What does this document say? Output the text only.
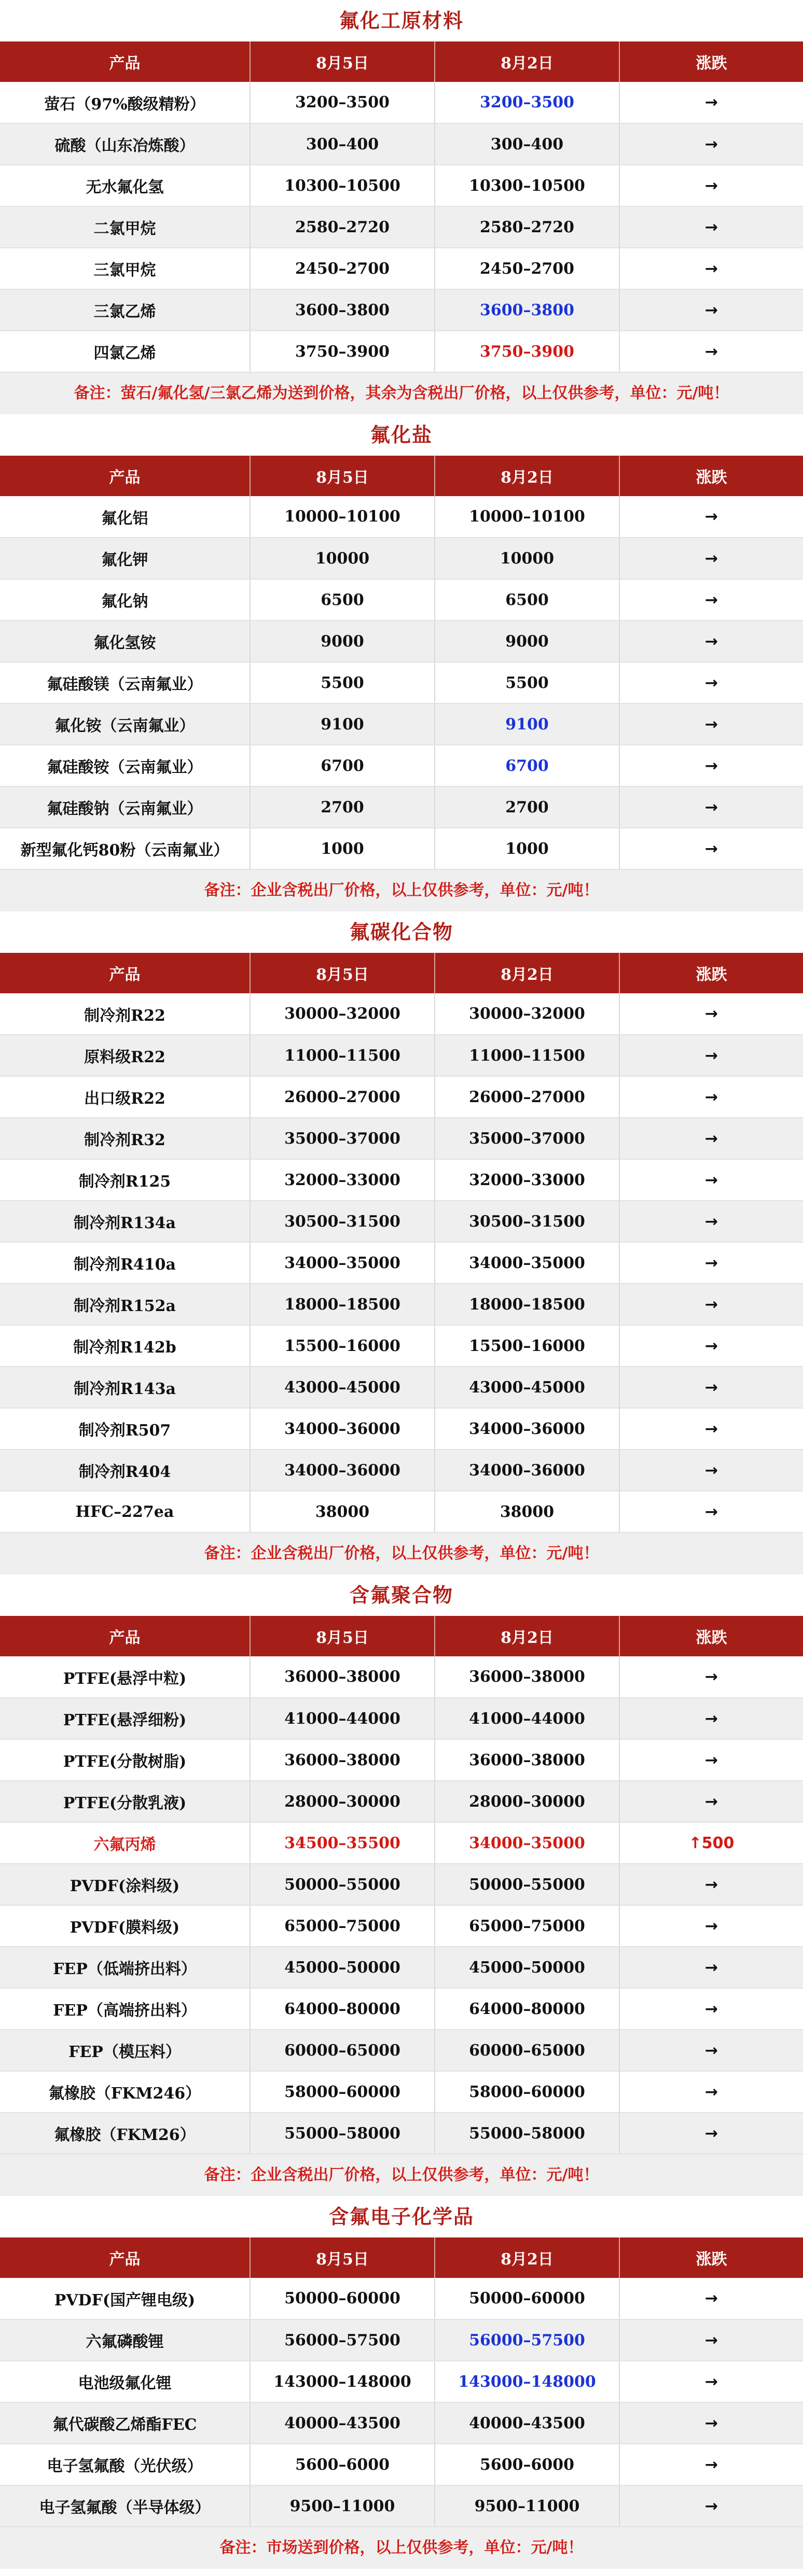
氟化工原材料
产品	8月5日	8月2日	涨跌
萤石（97%酸级精粉）	3200–3500	3200–3500	→
硫酸（山东冶炼酸）	300–400	300–400	→
无水氟化氢	10300–10500	10300–10500	→
二氯甲烷	2580–2720	2580–2720	→
三氯甲烷	2450–2700	2450–2700	→
三氯乙烯	3600–3800	3600–3800	→
四氯乙烯	3750–3900	3750–3900	→
备注：萤石/氟化氢/三氯乙烯为送到价格，其余为含税出厂价格，以上仅供参考，单位：元/吨！
氟化盐
产品	8月5日	8月2日	涨跌
氟化铝	10000–10100	10000–10100	→
氟化钾	10000	10000	→
氟化钠	6500	6500	→
氟化氢铵	9000	9000	→
氟硅酸镁（云南氟业）	5500	5500	→
氟化铵（云南氟业）	9100	9100	→
氟硅酸铵（云南氟业）	6700	6700	→
氟硅酸钠（云南氟业）	2700	2700	→
新型氟化钙80粉（云南氟业）	1000	1000	→
备注：企业含税出厂价格，以上仅供参考，单位：元/吨！
氟碳化合物
产品	8月5日	8月2日	涨跌
制冷剂R22	30000–32000	30000–32000	→
原料级R22	11000–11500	11000–11500	→
出口级R22	26000–27000	26000–27000	→
制冷剂R32	35000–37000	35000–37000	→
制冷剂R125	32000–33000	32000–33000	→
制冷剂R134a	30500–31500	30500–31500	→
制冷剂R410a	34000–35000	34000–35000	→
制冷剂R152a	18000–18500	18000–18500	→
制冷剂R142b	15500–16000	15500–16000	→
制冷剂R143a	43000–45000	43000–45000	→
制冷剂R507	34000–36000	34000–36000	→
制冷剂R404	34000–36000	34000–36000	→
HFC–227ea	38000	38000	→
备注：企业含税出厂价格，以上仅供参考，单位：元/吨！
含氟聚合物
产品	8月5日	8月2日	涨跌
PTFE(悬浮中粒)	36000–38000	36000–38000	→
PTFE(悬浮细粉)	41000–44000	41000–44000	→
PTFE(分散树脂)	36000–38000	36000–38000	→
PTFE(分散乳液)	28000–30000	28000–30000	→
六氟丙烯	34500–35500	34000–35000	↑500
PVDF(涂料级)	50000–55000	50000–55000	→
PVDF(膜料级)	65000–75000	65000–75000	→
FEP（低端挤出料）	45000–50000	45000–50000	→
FEP（高端挤出料）	64000–80000	64000–80000	→
FEP（模压料）	60000–65000	60000–65000	→
氟橡胶（FKM246）	58000–60000	58000–60000	→
氟橡胶（FKM26）	55000–58000	55000–58000	→
备注：企业含税出厂价格，以上仅供参考，单位：元/吨！
含氟电子化学品
产品	8月5日	8月2日	涨跌
PVDF(国产锂电级)	50000–60000	50000–60000	→
六氟磷酸锂	56000–57500	56000–57500	→
电池级氟化锂	143000–148000	143000–148000	→
氟代碳酸乙烯酯FEC	40000–43500	40000–43500	→
电子氢氟酸（光伏级）	5600–6000	5600–6000	→
电子氢氟酸（半导体级）	9500–11000	9500–11000	→
备注：市场送到价格，以上仅供参考，单位：元/吨！
